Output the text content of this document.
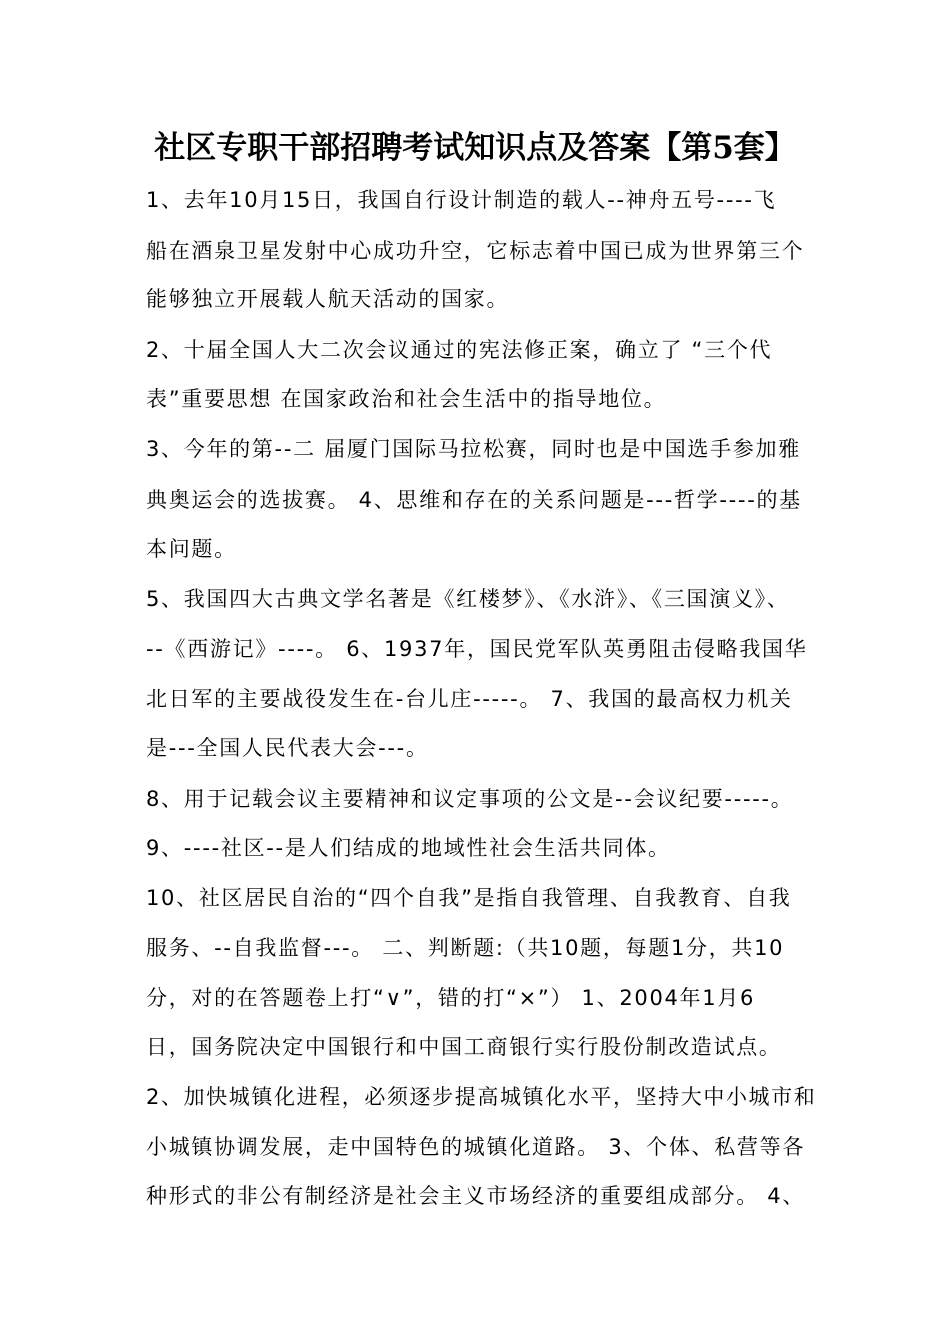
社区专职干部招聘考试知识点及答案【第5套】
1、去年10月15日，我国自行设计制造的载人--神舟五号----飞
船在酒泉卫星发射中心成功升空，它标志着中国已成为世界第三个
能够独立开展载人航天活动的国家。
2、十届全国人大二次会议通过的宪法修正案，确立了 “三个代
表”重要思想 在国家政治和社会生活中的指导地位。
3、今年的第--二 届厦门国际马拉松赛，同时也是中国选手参加雅
典奥运会的选拔赛。 4、思维和存在的关系问题是---哲学----的基
本问题。
5、我国四大古典文学名著是《红楼梦》、《水浒》、《三国演义》、
--《西游记》----。 6、1937年，国民党军队英勇阻击侵略我国华
北日军的主要战役发生在-台儿庄-----。 7、我国的最高权力机关
是---全国人民代表大会---。
8、用于记载会议主要精神和议定事项的公文是--会议纪要-----。
9、----社区--是人们结成的地域性社会生活共同体。
10、社区居民自治的“四个自我”是指自我管理、自我教育、自我
服务、--自我监督---。 二、判断题:（共10题，每题1分，共10
分，对的在答题卷上打“∨”，错的打“×”） 1、2004年1月6
日，国务院决定中国银行和中国工商银行实行股份制改造试点。
2、加快城镇化进程，必须逐步提高城镇化水平，坚持大中小城市和
小城镇协调发展，走中国特色的城镇化道路。 3、个体、私营等各
种形式的非公有制经济是社会主义市场经济的重要组成部分。 4、
